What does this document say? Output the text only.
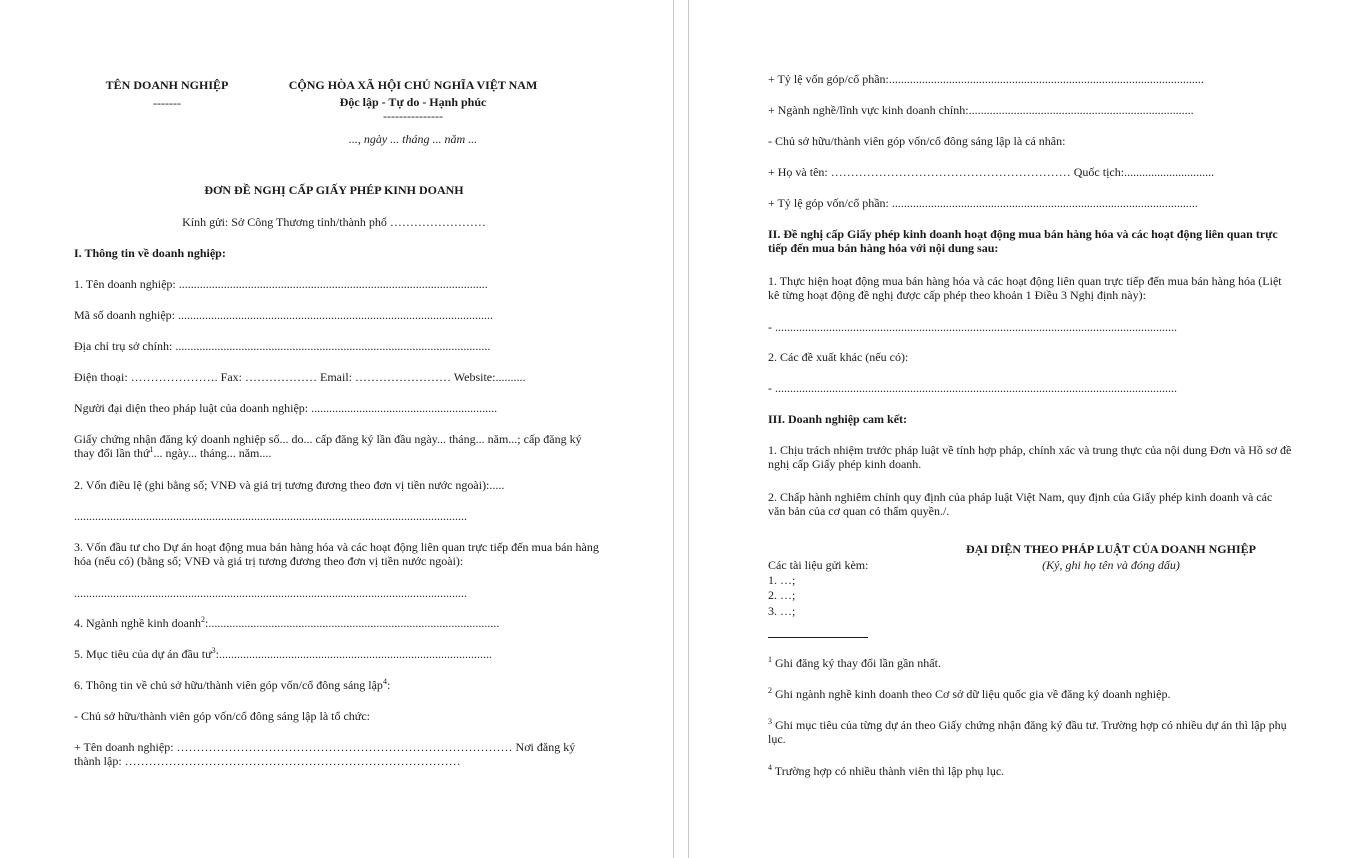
TÊN DOANH NGHIỆP
-------
CỘNG HÒA XÃ HỘI CHỦ NGHĨA VIỆT NAM
Độc lập - Tự do - Hạnh phúc
---------------
..., ngày ... tháng ... năm ...
ĐƠN ĐỀ NGHỊ CẤP GIẤY PHÉP KINH DOANH
Kính gửi: Sở Công Thương tỉnh/thành phố ……………………
I. Thông tin về doanh nghiệp:
1. Tên doanh nghiệp: .......................................................................................................
Mã số doanh nghiệp: .........................................................................................................
Địa chỉ trụ sở chính: .........................................................................................................
Điện thoại: …………………. Fax: ……………… Email: …………………… Website:..........
Người đại diện theo pháp luật của doanh nghiệp: ..............................................................
Giấy chứng nhận đăng ký doanh nghiệp số... do... cấp đăng ký lần đầu ngày... tháng... năm...; cấp đăng ký thay đổi lần thứ$^1$... ngày... tháng... năm....
2. Vốn điều lệ (ghi bằng số; VNĐ và giá trị tương đương theo đơn vị tiền nước ngoài):.....
...................................................................................................................................
3. Vốn đầu tư cho Dự án hoạt động mua bán hàng hóa và các hoạt động liên quan trực tiếp đến mua bán hàng hóa (nếu có) (bằng số; VNĐ và giá trị tương đương theo đơn vị tiền nước ngoài):
...................................................................................................................................
4. Ngành nghề kinh doanh$^2$:.................................................................................................
5. Mục tiêu của dự án đầu $tư^3$:...........................................................................................
6. Thông tin về chủ sở hữu/thành viên góp vốn/cổ đông sáng lập$^4$:
- Chủ sở hữu/thành viên góp vốn/cổ đông sáng lập là tổ chức:
+ Tên doanh nghiệp: ………………………………………………………………………… Nơi đăng ký thành lập: …………………………………………………………………………
+ Tỷ lệ vốn góp/cổ phần:.........................................................................................................
+ Ngành nghề/lĩnh vực kinh doanh chính:...........................................................................
- Chủ sở hữu/thành viên góp vốn/cổ đông sáng lập là cá nhân:
+ Họ và tên: …………………………………………………… Quốc tịch:..............................
+ Tỷ lệ góp vốn/cổ phần: ......................................................................................................
II. Đề nghị cấp Giấy phép kinh doanh hoạt động mua bán hàng hóa và các hoạt động liên quan trực tiếp đến mua bán hàng hóa với nội dung sau:
1. Thực hiện hoạt động mua bán hàng hóa và các hoạt động liên quan trực tiếp đến mua bán hàng hóa (Liệt kê từng hoạt động đề nghị được cấp phép theo khoản 1 Điều 3 Nghị định này):
- ......................................................................................................................................
2. Các đề xuất khác (nếu có):
- ......................................................................................................................................
III. Doanh nghiệp cam kết:
1. Chịu trách nhiệm trước pháp luật về tính hợp pháp, chính xác và trung thực của nội dung Đơn và Hồ sơ đề nghị cấp Giấy phép kinh doanh.
2. Chấp hành nghiêm chỉnh quy định của pháp luật Việt Nam, quy định của Giấy phép kinh doanh và các văn bản của cơ quan có thẩm quyền./.
ĐẠI DIỆN THEO PHÁP LUẬT CỦA DOANH NGHIỆP
(Ký, ghi họ tên và đóng dấu)
Các tài liệu gửi kèm:
1. …;
2. …;
3. …;
$^1$ Ghi đăng ký thay đổi lần gần nhất.
$^2$ Ghi ngành nghề kinh doanh theo Cơ sở dữ liệu quốc gia về đăng ký doanh nghiệp.
$^3$ Ghi mục tiêu của từng dự án theo Giấy chứng nhận đăng ký đầu tư. Trường hợp có nhiều dự án thì lập phụ lục.
$^4$ Trường hợp có nhiều thành viên thì lập phụ lục.
